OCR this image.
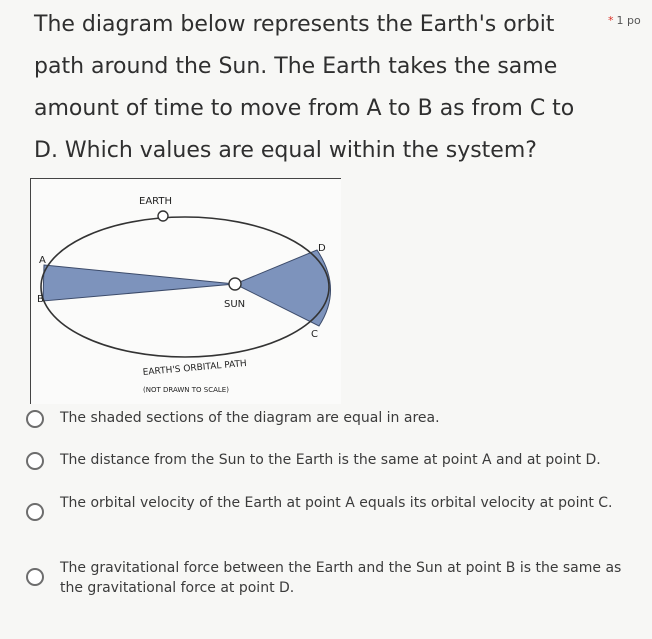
The diagram below represents the Earth's orbit path around the Sun. The Earth takes the same amount of time to move from A to B as from C to D. Which values are equal within the system?
* 1 po
EARTH
SUN
A
B
C
D
EARTH'S ORBITAL PATH
(NOT DRAWN TO SCALE)
The shaded sections of the diagram are equal in area.
The distance from the Sun to the Earth is the same at point A and at point D.
The orbital velocity of the Earth at point A equals its orbital velocity at point C.
The gravitational force between the Earth and the Sun at point B is the same as the gravitational force at point D.
